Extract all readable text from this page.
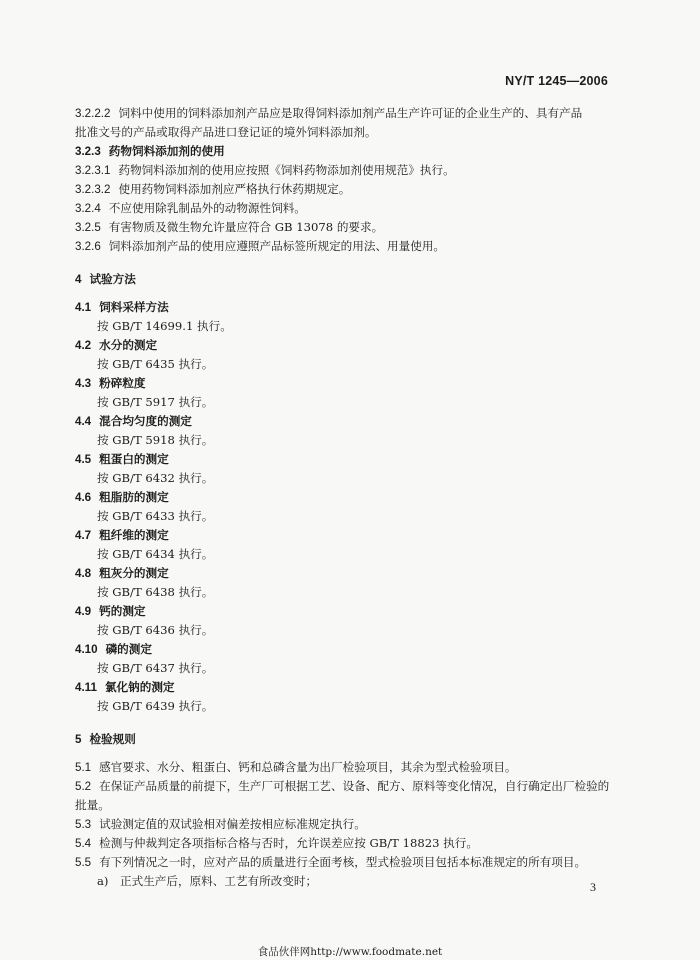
NY/T 1245—2006

3.2.2.2 饲料中使用的饲料添加剂产品应是取得饲料添加剂产品生产许可证的企业生产的、具有产品

批准文号的产品或取得产品进口登记证的境外饲料添加剂。

3.2.3 药物饲料添加剂的使用

3.2.3.1 药物饲料添加剂的使用应按照《饲料药物添加剂使用规范》执行。

3.2.3.2 使用药物饲料添加剂应严格执行休药期规定。

3.2.4 不应使用除乳制品外的动物源性饲料。

3.2.5 有害物质及微生物允许量应符合 GB 13078 的要求。

3.2.6 饲料添加剂产品的使用应遵照产品标签所规定的用法、用量使用。

4 试验方法

4.1 饲料采样方法

按 GB/T 14699.1 执行。

4.2 水分的测定

按 GB/T 6435 执行。

4.3 粉碎粒度

按 GB/T 5917 执行。

4.4 混合均匀度的测定

按 GB/T 5918 执行。

4.5 粗蛋白的测定

按 GB/T 6432 执行。

4.6 粗脂肪的测定

按 GB/T 6433 执行。

4.7 粗纤维的测定

按 GB/T 6434 执行。

4.8 粗灰分的测定

按 GB/T 6438 执行。

4.9 钙的测定

按 GB/T 6436 执行。

4.10 磷的测定

按 GB/T 6437 执行。

4.11 氯化钠的测定

按 GB/T 6439 执行。

5 检验规则

5.1 感官要求、水分、粗蛋白、钙和总磷含量为出厂检验项目，其余为型式检验项目。

5.2 在保证产品质量的前提下，生产厂可根据工艺、设备、配方、原料等变化情况，自行确定出厂检验的

批量。

5.3 试验测定值的双试验相对偏差按相应标准规定执行。

5.4 检测与仲裁判定各项指标合格与否时，允许误差应按 GB/T 18823 执行。

5.5 有下列情况之一时，应对产品的质量进行全面考核，型式检验项目包括本标准规定的所有项目。

a)　正式生产后，原料、工艺有所改变时；	3
食品伙伴网http://www.foodmate.net
